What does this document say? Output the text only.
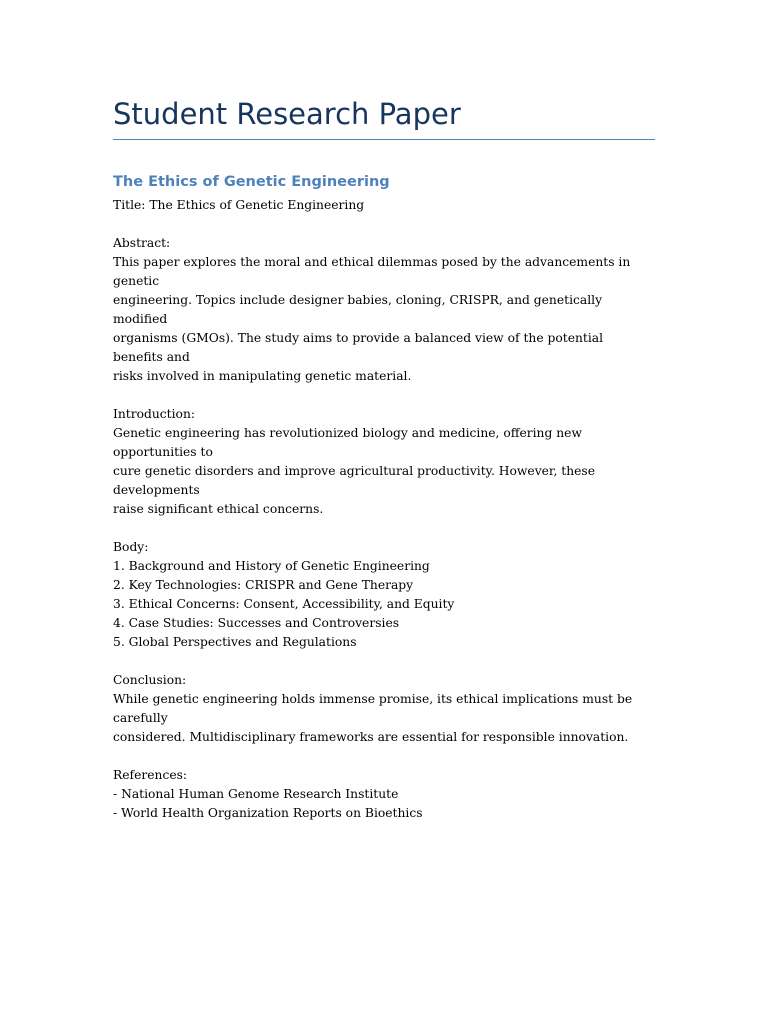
Student Research Paper
The Ethics of Genetic Engineering

Title: The Ethics of Genetic Engineering

Abstract:

This paper explores the moral and ethical dilemmas posed by the advancements in genetic

engineering. Topics include designer babies, cloning, CRISPR, and genetically modified

organisms (GMOs). The study aims to provide a balanced view of the potential benefits and

risks involved in manipulating genetic material.

Introduction:

Genetic engineering has revolutionized biology and medicine, offering new opportunities to

cure genetic disorders and improve agricultural productivity. However, these developments

raise significant ethical concerns.

Body:

1. Background and History of Genetic Engineering

2. Key Technologies: CRISPR and Gene Therapy

3. Ethical Concerns: Consent, Accessibility, and Equity

4. Case Studies: Successes and Controversies

5. Global Perspectives and Regulations

Conclusion:

While genetic engineering holds immense promise, its ethical implications must be carefully

considered. Multidisciplinary frameworks are essential for responsible innovation.

References:

- National Human Genome Research Institute

- World Health Organization Reports on Bioethics
